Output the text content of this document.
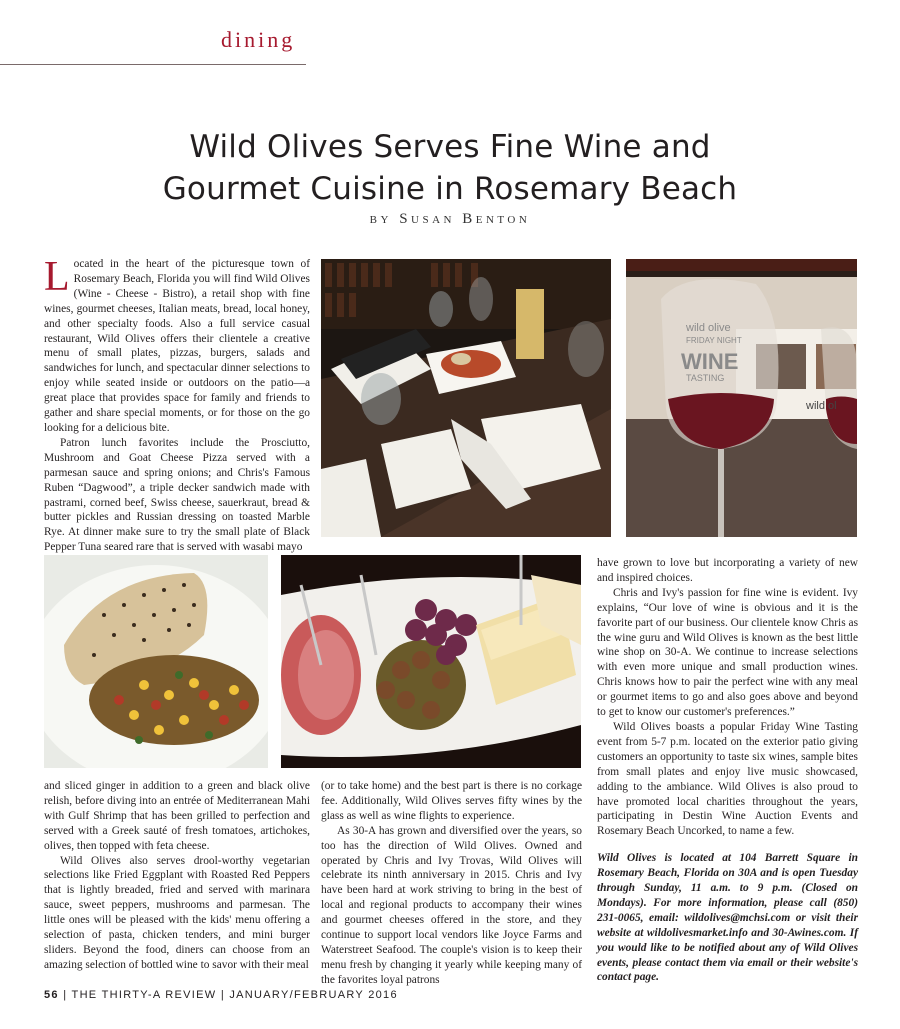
dining
Wild Olives Serves Fine Wine and
Gourmet Cuisine in Rosemary Beach
by Susan Benton

Located in the heart of the picturesque town of Rosemary Beach, Florida you will find Wild Olives (Wine - Cheese - Bistro), a retail shop with fine wines, gourmet cheeses, Italian meats, bread, local honey, and other specialty foods. Also a full service casual restaurant, Wild Olives offers their clientele a creative menu of small plates, pizzas, burgers, salads and sandwiches for lunch, and spectacular dinner selections to enjoy while seated inside or outdoors on the patio—a great place that provides space for family and friends to gather and share special moments, or for those on the go looking for a delicious bite.

Patron lunch favorites include the Prosciutto, Mushroom and Goat Cheese Pizza served with a parmesan sauce and spring onions; and Chris's Famous Ruben “Dagwood”, a triple decker sandwich made with pastrami, corned beef, Swiss cheese, sauerkraut, bread & butter pickles and Russian dressing on toasted Marble Rye. At dinner make sure to try the small plate of Black Pepper Tuna seared rare that is served with wasabi mayo

wild olive
FRIDAY NIGHT
WINE
TASTING
wild ol

and sliced ginger in addition to a green and black olive relish, before diving into an entrée of Mediterranean Mahi with Gulf Shrimp that has been grilled to perfection and served with a Greek sauté of fresh tomatoes, artichokes, olives, then topped with feta cheese.

Wild Olives also serves drool-worthy vegetarian selections like Fried Eggplant with Roasted Red Peppers that is lightly breaded, fried and served with marinara sauce, sweet peppers, mushrooms and parmesan. The little ones will be pleased with the kids' menu offering a selection of pasta, chicken tenders, and mini burger sliders. Beyond the food, diners can choose from an amazing selection of bottled wine to savor with their meal

(or to take home) and the best part is there is no corkage fee. Additionally, Wild Olives serves fifty wines by the glass as well as wine flights to experience.

As 30-A has grown and diversified over the years, so too has the direction of Wild Olives. Owned and operated by Chris and Ivy Trovas, Wild Olives will celebrate its ninth anniversary in 2015. Chris and Ivy have been hard at work striving to bring in the best of local and regional products to accompany their wines and gourmet cheeses offered in the store, and they continue to support local vendors like Joyce Farms and Waterstreet Seafood. The couple's vision is to keep their menu fresh by changing it yearly while keeping many of the favorites loyal patrons

have grown to love but incorporating a variety of new and inspired choices.

Chris and Ivy's passion for fine wine is evident. Ivy explains, “Our love of wine is obvious and it is the favorite part of our business. Our clientele know Chris as the wine guru and Wild Olives is known as the best little wine shop on 30-A. We continue to increase selections with even more unique and small production wines. Chris knows how to pair the perfect wine with any meal or gourmet items to go and also goes above and beyond to get to know our customer's preferences.”

Wild Olives boasts a popular Friday Wine Tasting event from 5-7 p.m. located on the exterior patio giving customers an opportunity to taste six wines, sample bites from small plates and enjoy live music showcased, adding to the ambiance. Wild Olives is also proud to have promoted local charities throughout the years, participating in Destin Wine Auction Events and Rosemary Beach Uncorked, to name a few.

Wild Olives is located at 104 Barrett Square in Rosemary Beach, Florida on 30A and is open Tuesday through Sunday, 11 a.m. to 9 p.m. (Closed on Mondays). For more information, please call (850) 231-0065, email: wildolives@mchsi.com or visit their website at wildolivesmarket.info and 30-Awines.com. If you would like to be notified about any of Wild Olives events, please contact them via email or their website's contact page.

56 | THE THIRTY-A REVIEW | JANUARY/FEBRUARY 2016
